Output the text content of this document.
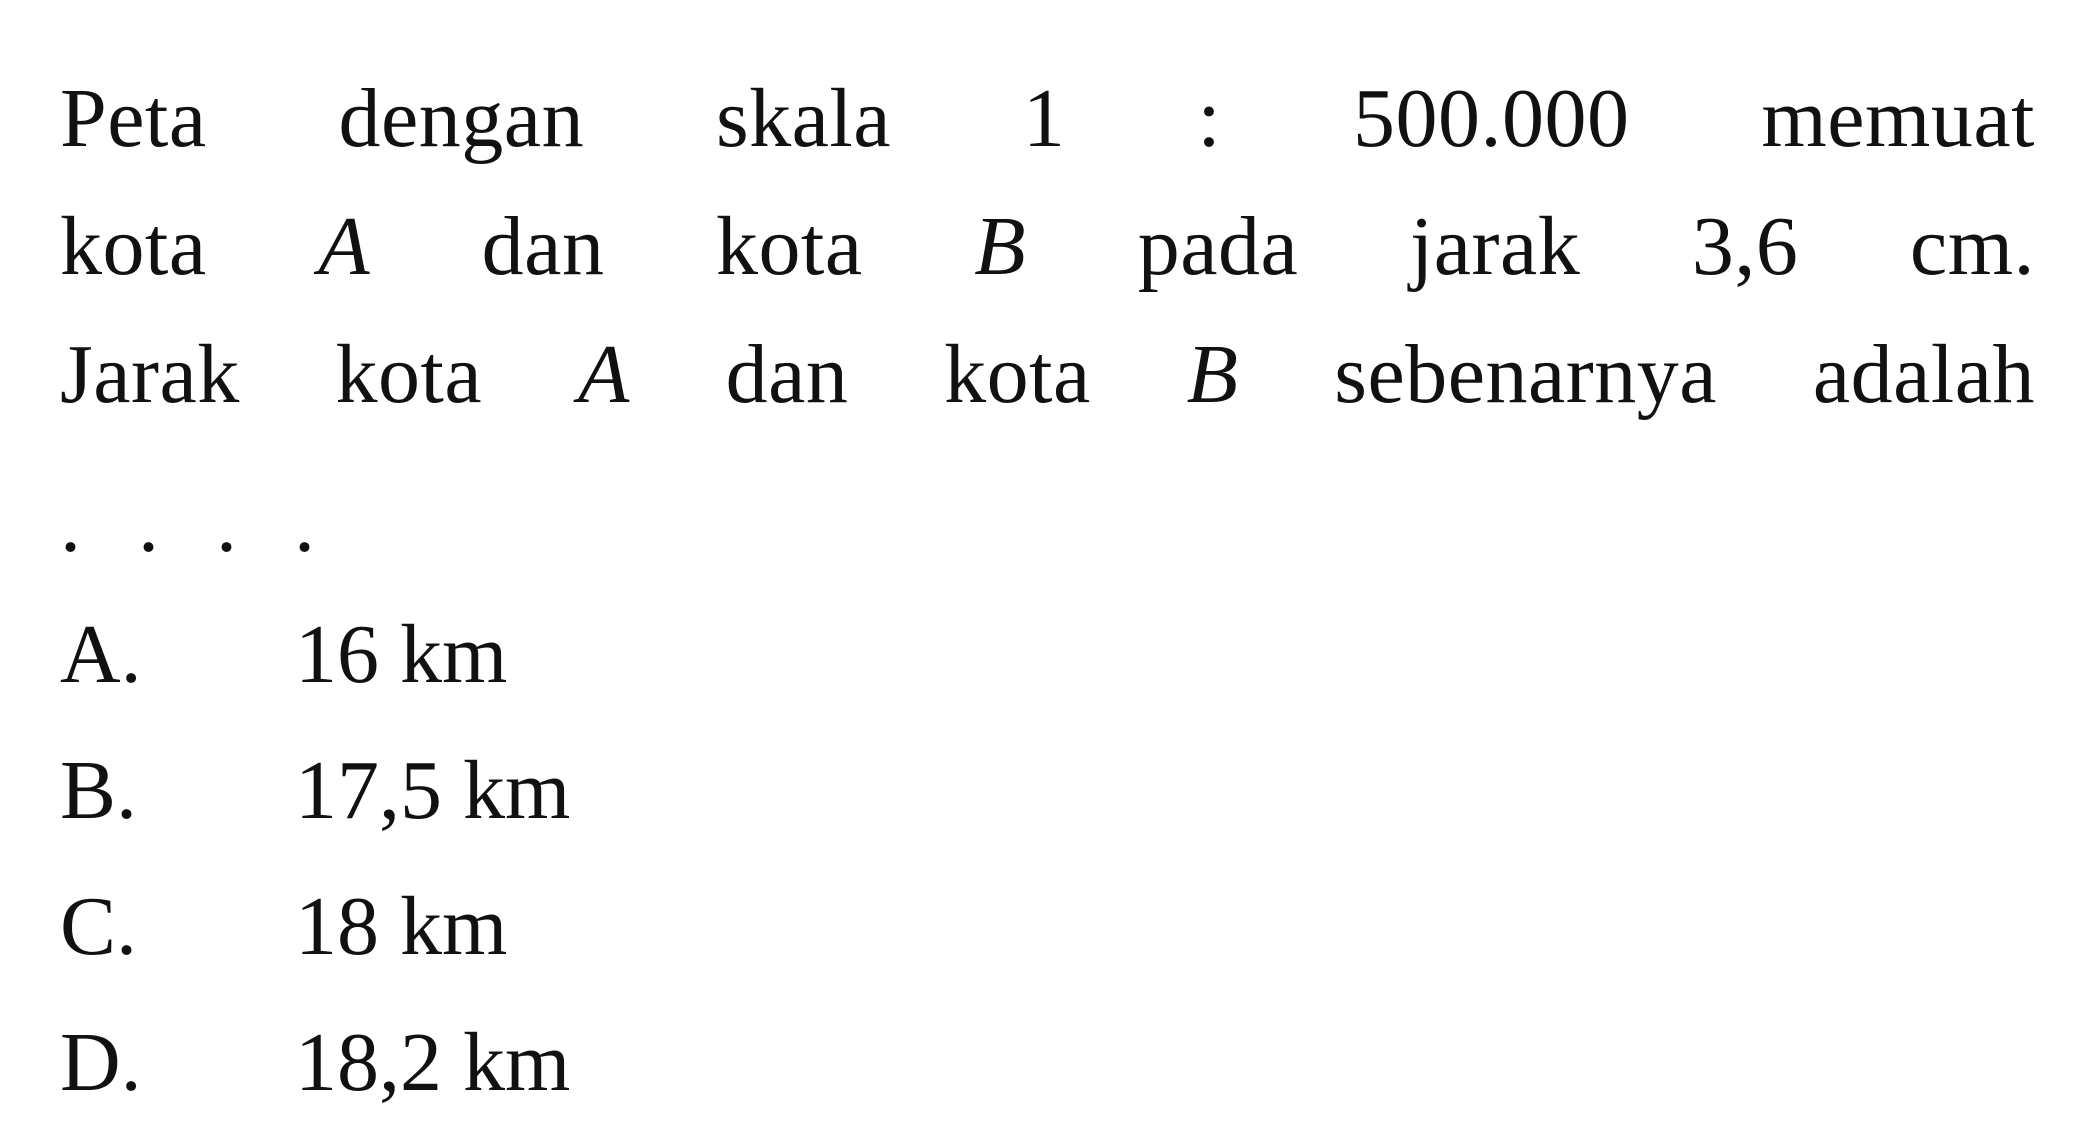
Peta dengan skala 1 : 500.000 memuat
kota A dan kota B pada jarak 3,6 cm.
Jarak kota A dan kota B sebenarnya adalah
. . . .
A.	16 km
B.	17,5 km
C.	18 km
D.	18,2 km
